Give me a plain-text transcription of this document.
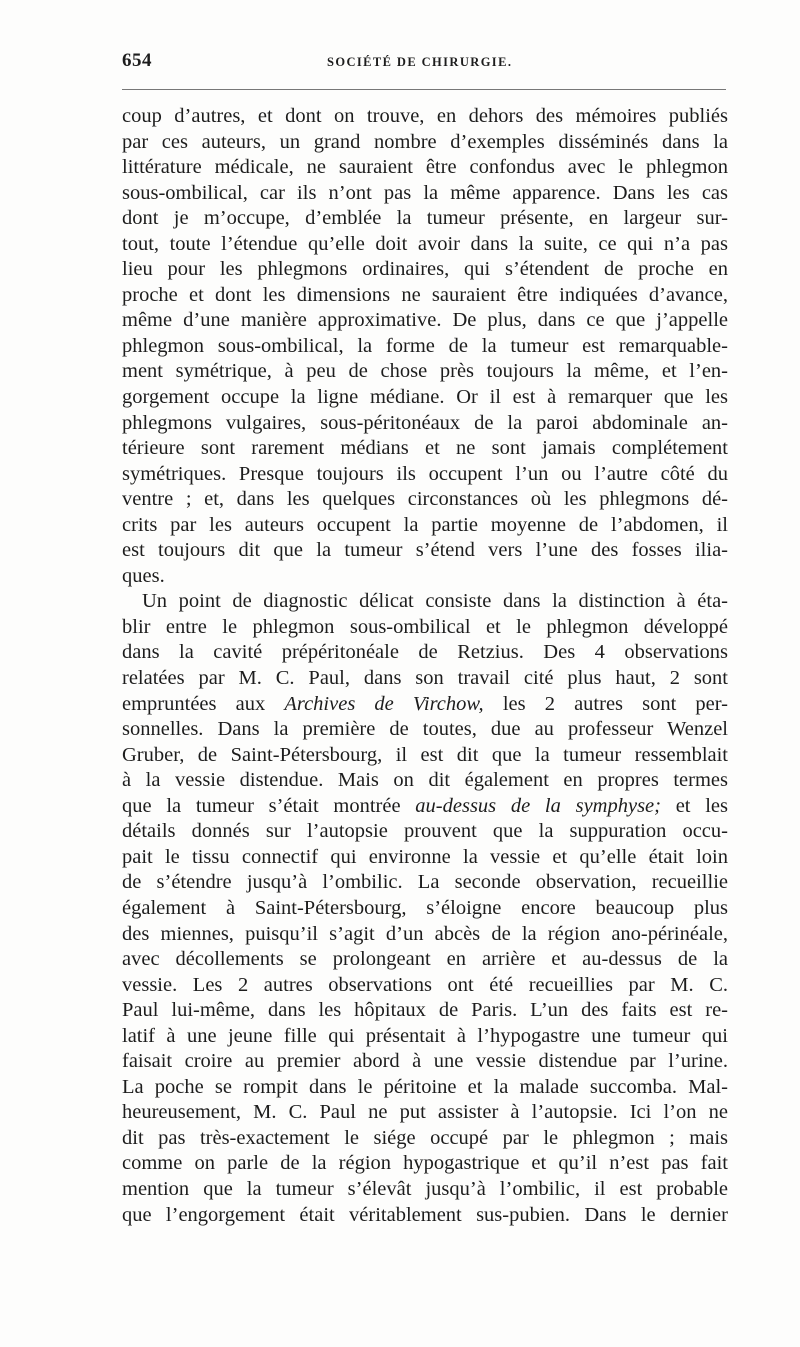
654	SOCIÉTÉ DE CHIRURGIE.
coup d’autres, et dont on trouve, en dehors des mémoires publiés
par ces auteurs, un grand nombre d’exemples disséminés dans la
littérature médicale, ne sauraient être confondus avec le phlegmon
sous-ombilical, car ils n’ont pas la même apparence. Dans les cas
dont je m’occupe, d’emblée la tumeur présente, en largeur sur-
tout, toute l’étendue qu’elle doit avoir dans la suite, ce qui n’a pas
lieu pour les phlegmons ordinaires, qui s’étendent de proche en
proche et dont les dimensions ne sauraient être indiquées d’avance,
même d’une manière approximative. De plus, dans ce que j’appelle
phlegmon sous-ombilical, la forme de la tumeur est remarquable-
ment symétrique, à peu de chose près toujours la même, et l’en-
gorgement occupe la ligne médiane. Or il est à remarquer que les
phlegmons vulgaires, sous-péritonéaux de la paroi abdominale an-
térieure sont rarement médians et ne sont jamais complétement
symétriques. Presque toujours ils occupent l’un ou l’autre côté du
ventre ; et, dans les quelques circonstances où les phlegmons dé-
crits par les auteurs occupent la partie moyenne de l’abdomen, il
est toujours dit que la tumeur s’étend vers l’une des fosses ilia-
ques.
Un point de diagnostic délicat consiste dans la distinction à éta-
blir entre le phlegmon sous-ombilical et le phlegmon développé
dans la cavité prépéritonéale de Retzius. Des 4 observations
relatées par M. C. Paul, dans son travail cité plus haut, 2 sont
empruntées aux Archives de Virchow, les 2 autres sont per-
sonnelles. Dans la première de toutes, due au professeur Wenzel
Gruber, de Saint-Pétersbourg, il est dit que la tumeur ressemblait
à la vessie distendue. Mais on dit également en propres termes
que la tumeur s’était montrée au-dessus de la symphyse; et les
détails donnés sur l’autopsie prouvent que la suppuration occu-
pait le tissu connectif qui environne la vessie et qu’elle était loin
de s’étendre jusqu’à l’ombilic. La seconde observation, recueillie
également à Saint-Pétersbourg, s’éloigne encore beaucoup plus
des miennes, puisqu’il s’agit d’un abcès de la région ano-périnéale,
avec décollements se prolongeant en arrière et au-dessus de la
vessie. Les 2 autres observations ont été recueillies par M. C.
Paul lui-même, dans les hôpitaux de Paris. L’un des faits est re-
latif à une jeune fille qui présentait à l’hypogastre une tumeur qui
faisait croire au premier abord à une vessie distendue par l’urine.
La poche se rompit dans le péritoine et la malade succomba. Mal-
heureusement, M. C. Paul ne put assister à l’autopsie. Ici l’on ne
dit pas très-exactement le siége occupé par le phlegmon ; mais
comme on parle de la région hypogastrique et qu’il n’est pas fait
mention que la tumeur s’élevât jusqu’à l’ombilic, il est probable
que l’engorgement était véritablement sus-pubien. Dans le dernier
